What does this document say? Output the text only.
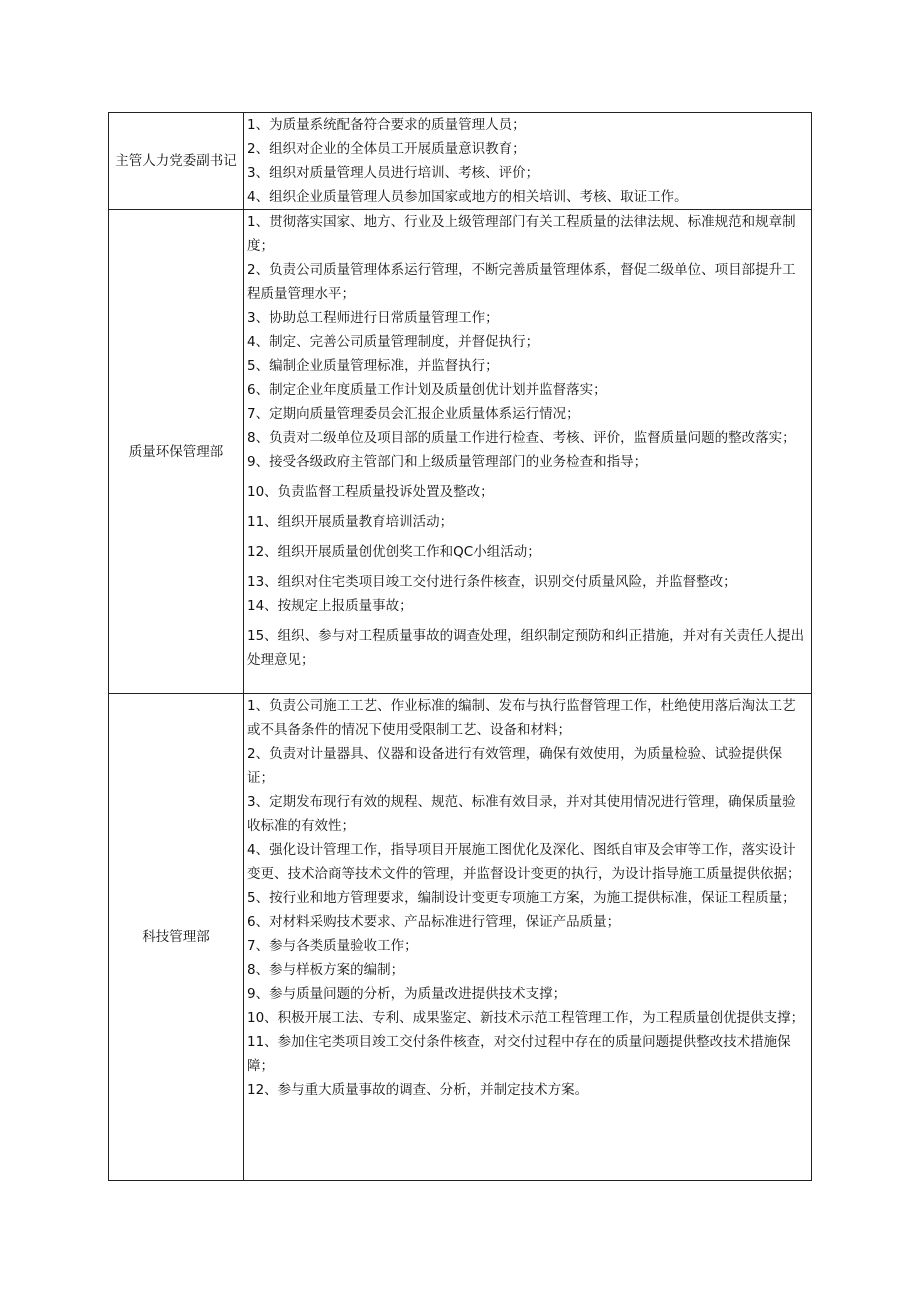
主管人力党委副书记

1、为质量系统配备符合要求的质量管理人员；

2、组织对企业的全体员工开展质量意识教育；

3、组织对质量管理人员进行培训、考核、评价；

4、组织企业质量管理人员参加国家或地方的相关培训、考核、取证工作。

质量环保管理部

1、贯彻落实国家、地方、行业及上级管理部门有关工程质量的法律法规、标准规范和规章制度；

2、负责公司质量管理体系运行管理，不断完善质量管理体系，督促二级单位、项目部提升工程质量管理水平；

3、协助总工程师进行日常质量管理工作；

4、制定、完善公司质量管理制度，并督促执行；

5、编制企业质量管理标准，并监督执行；

6、制定企业年度质量工作计划及质量创优计划并监督落实；

7、定期向质量管理委员会汇报企业质量体系运行情况；

8、负责对二级单位及项目部的质量工作进行检查、考核、评价，监督质量问题的整改落实；

9、接受各级政府主管部门和上级质量管理部门的业务检查和指导；

10、负责监督工程质量投诉处置及整改；

11、组织开展质量教育培训活动；

12、组织开展质量创优创奖工作和QC小组活动；

13、组织对住宅类项目竣工交付进行条件核查，识别交付质量风险，并监督整改；

14、按规定上报质量事故；

15、组织、参与对工程质量事故的调查处理，组织制定预防和纠正措施，并对有关责任人提出处理意见；

科技管理部

1、负责公司施工工艺、作业标准的编制、发布与执行监督管理工作，杜绝使用落后淘汰工艺或不具备条件的情况下使用受限制工艺、设备和材料；

2、负责对计量器具、仪器和设备进行有效管理，确保有效使用，为质量检验、试验提供保证；

3、定期发布现行有效的规程、规范、标准有效目录，并对其使用情况进行管理，确保质量验收标准的有效性；

4、强化设计管理工作，指导项目开展施工图优化及深化、图纸自审及会审等工作，落实设计变更、技术洽商等技术文件的管理，并监督设计变更的执行，为设计指导施工质量提供依据；

5、按行业和地方管理要求，编制设计变更专项施工方案，为施工提供标准，保证工程质量；

6、对材料采购技术要求、产品标准进行管理，保证产品质量；

7、参与各类质量验收工作；

8、参与样板方案的编制；

9、参与质量问题的分析，为质量改进提供技术支撑；

10、积极开展工法、专利、成果鉴定、新技术示范工程管理工作，为工程质量创优提供支撑；

11、参加住宅类项目竣工交付条件核查，对交付过程中存在的质量问题提供整改技术措施保障；

12、参与重大质量事故的调查、分析，并制定技术方案。
